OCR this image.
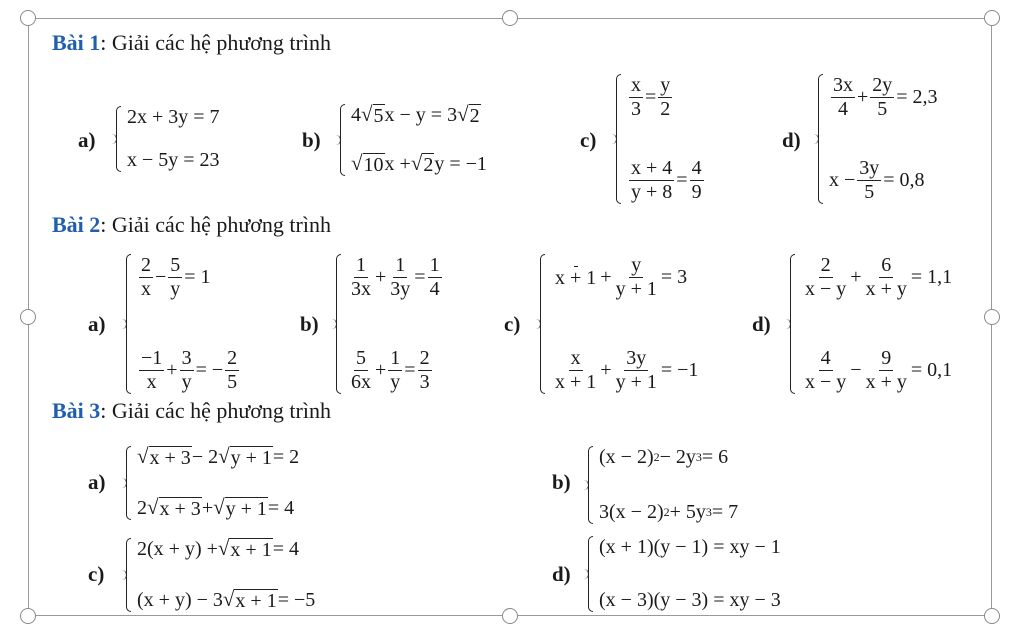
Bài 1: Giải các hệ phương trình
Bài 2: Giải các hệ phương trình
Bài 3: Giải các hệ phương trình
a)
2x + 3y = 7
x − 5y = 23
b)
4 √ 5 x − y = 3 √ 2
√ 10 x + √ 2 y = −1
c)
$\frac{x}{3} = \frac{y}{2}$
$\frac{x + 4}{y + 8} = \frac{4}{9}$
d)
$\frac{3x}{4} + \frac{2y}{5} = 2,3$
$x - \frac{3y}{5} = 0,8$
a)
$\frac{2}{x} - \frac{5}{y} = 1$
$\frac{-1}{x} + \frac{3}{y}$ = − $\frac{2}{5}$
b)
$\frac{1}{3x} + \frac{1}{3y} = \frac{1}{4}$
$\frac{5}{6x} + \frac{1}{y} = \frac{2}{3}$
c)
$x + 1 + \frac{y}{y + 1} = 3$
$\frac{x}{x + 1} + \frac{3y}{y + 1} = -1$
d)
$\frac{2}{x - y} + \frac{6}{x + y} = 1,1$
$\frac{4}{x - y} - \frac{9}{x + y} = 0,1$
a)
√ x + 3 − 2 √ y + 1 = 2
2 √ x + 3 + √ y + 1 = 4
b)
(x − 2) 2 − 2y 3 = 6
3(x − 2) 2 + 5y 3 = 7
c)
2(x + y) + √ x + 1 = 4
(x + y) − 3 √ x + 1 = −5
d)
(x + 1)(y − 1) = xy − 1
(x − 3)(y − 3) = xy − 3
